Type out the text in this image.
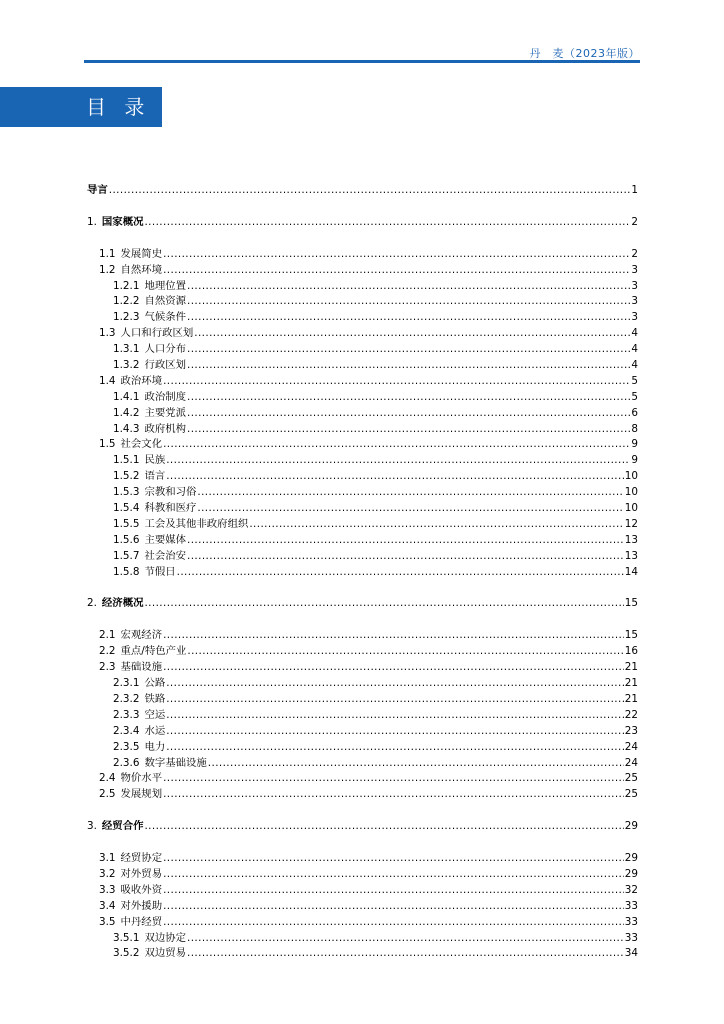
丹　麦（2023年版）
目 录
导言 .....	1
1. 国家概况 .....	2
1.1 发展简史 .....	2
1.2 自然环境 .....	3
1.2.1 地理位置 .....	3
1.2.2 自然资源 .....	3
1.2.3 气候条件 .....	3
1.3 人口和行政区划 .....	4
1.3.1 人口分布 .....	4
1.3.2 行政区划 .....	4
1.4 政治环境 .....	5
1.4.1 政治制度 .....	5
1.4.2 主要党派 .....	6
1.4.3 政府机构 .....	8
1.5 社会文化 .....	9
1.5.1 民族 .....	9
1.5.2 语言 .....	10
1.5.3 宗教和习俗 .....	10
1.5.4 科教和医疗 .....	10
1.5.5 工会及其他非政府组织 .....	12
1.5.6 主要媒体 .....	13
1.5.7 社会治安 .....	13
1.5.8 节假日 .....	14
2. 经济概况 .....	15
2.1 宏观经济 .....	15
2.2 重点/特色产业 .....	16
2.3 基础设施 .....	21
2.3.1 公路 .....	21
2.3.2 铁路 .....	21
2.3.3 空运 .....	22
2.3.4 水运 .....	23
2.3.5 电力 .....	24
2.3.6 数字基础设施 .....	24
2.4 物价水平 .....	25
2.5 发展规划 .....	25
3. 经贸合作 .....	29
3.1 经贸协定 .....	29
3.2 对外贸易 .....	29
3.3 吸收外资 .....	32
3.4 对外援助 .....	33
3.5 中丹经贸 .....	33
3.5.1 双边协定 .....	33
3.5.2 双边贸易 .....	34
